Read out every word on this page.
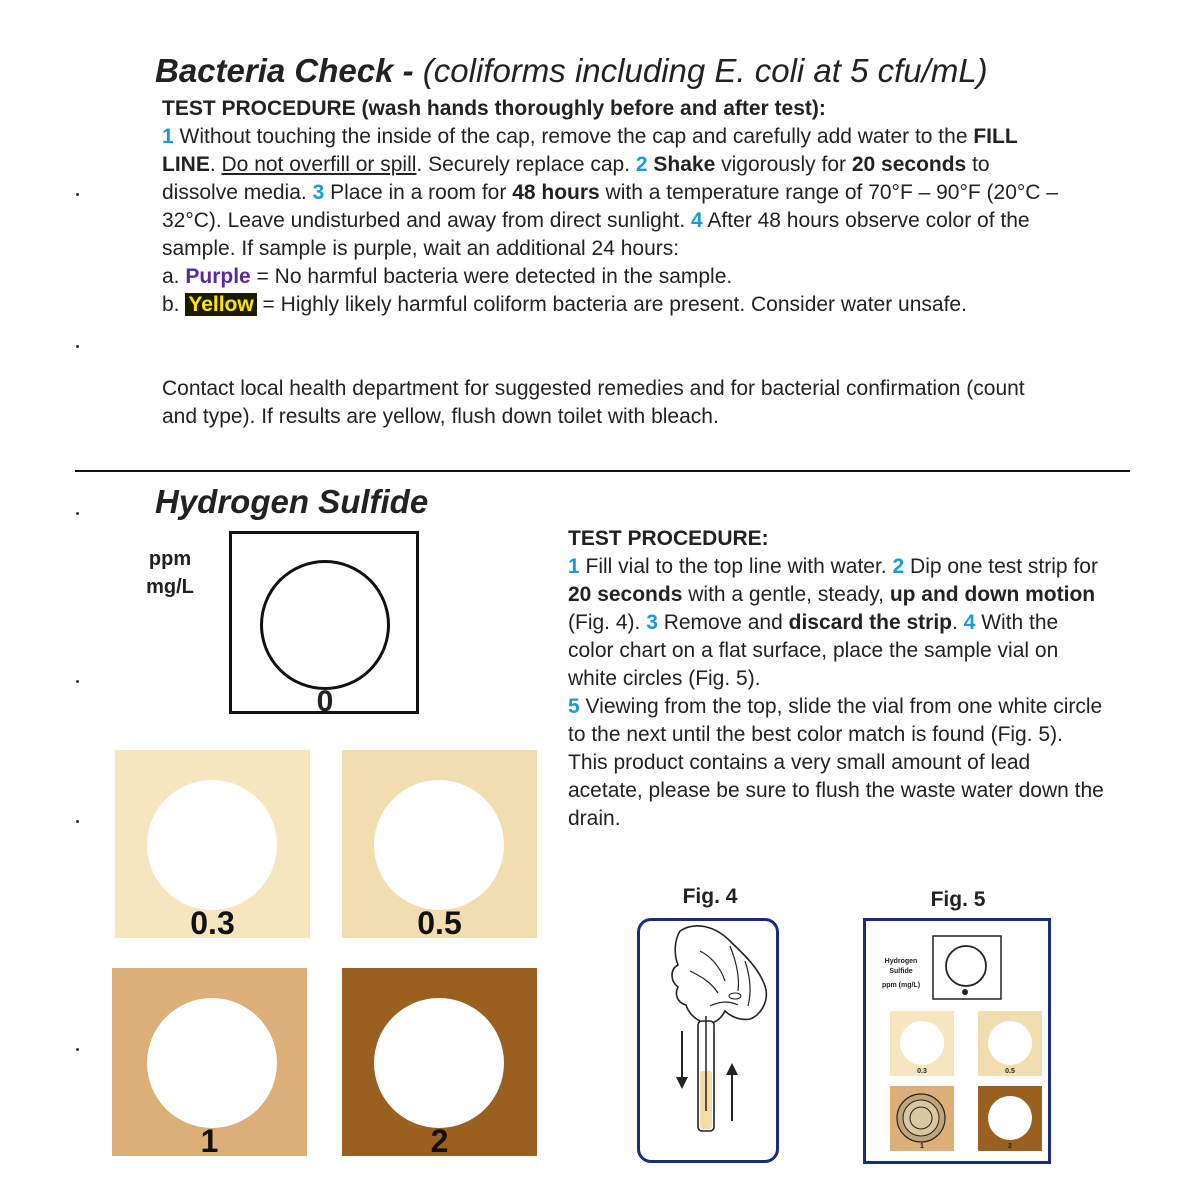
Bacteria Check - (coliforms including E. coli at 5 cfu/mL)
TEST PROCEDURE (wash hands thoroughly before and after test):
1 Without touching the inside of the cap, remove the cap and carefully add water to the FILL LINE. Do not overfill or spill. Securely replace cap. 2 Shake vigorously for 20 seconds to dissolve media. 3 Place in a room for 48 hours with a temperature range of 70°F – 90°F (20°C – 32°C). Leave undisturbed and away from direct sunlight. 4 After 48 hours observe color of the sample. If sample is purple, wait an additional 24 hours:
a. Purple = No harmful bacteria were detected in the sample.
b. Yellow = Highly likely harmful coliform bacteria are present. Consider water unsafe.
Contact local health department for suggested remedies and for bacterial confirmation (count and type). If results are yellow, flush down toilet with bleach.
Hydrogen Sulfide
ppm
mg/L
0
0.3	0.5
1	2
TEST PROCEDURE:
1 Fill vial to the top line with water. 2 Dip one test strip for 20 seconds with a gentle, steady, up and down motion (Fig. 4). 3 Remove and discard the strip. 4 With the color chart on a flat surface, place the sample vial on white circles (Fig. 5).
5 Viewing from the top, slide the vial from one white circle to the next until the best color match is found (Fig. 5). This product contains a very small amount of lead acetate, please be sure to flush the waste water down the drain.
Fig. 4	Fig. 5
Hydrogen
Sulfide
ppm (mg/L)
0.3	0.5
1	2
